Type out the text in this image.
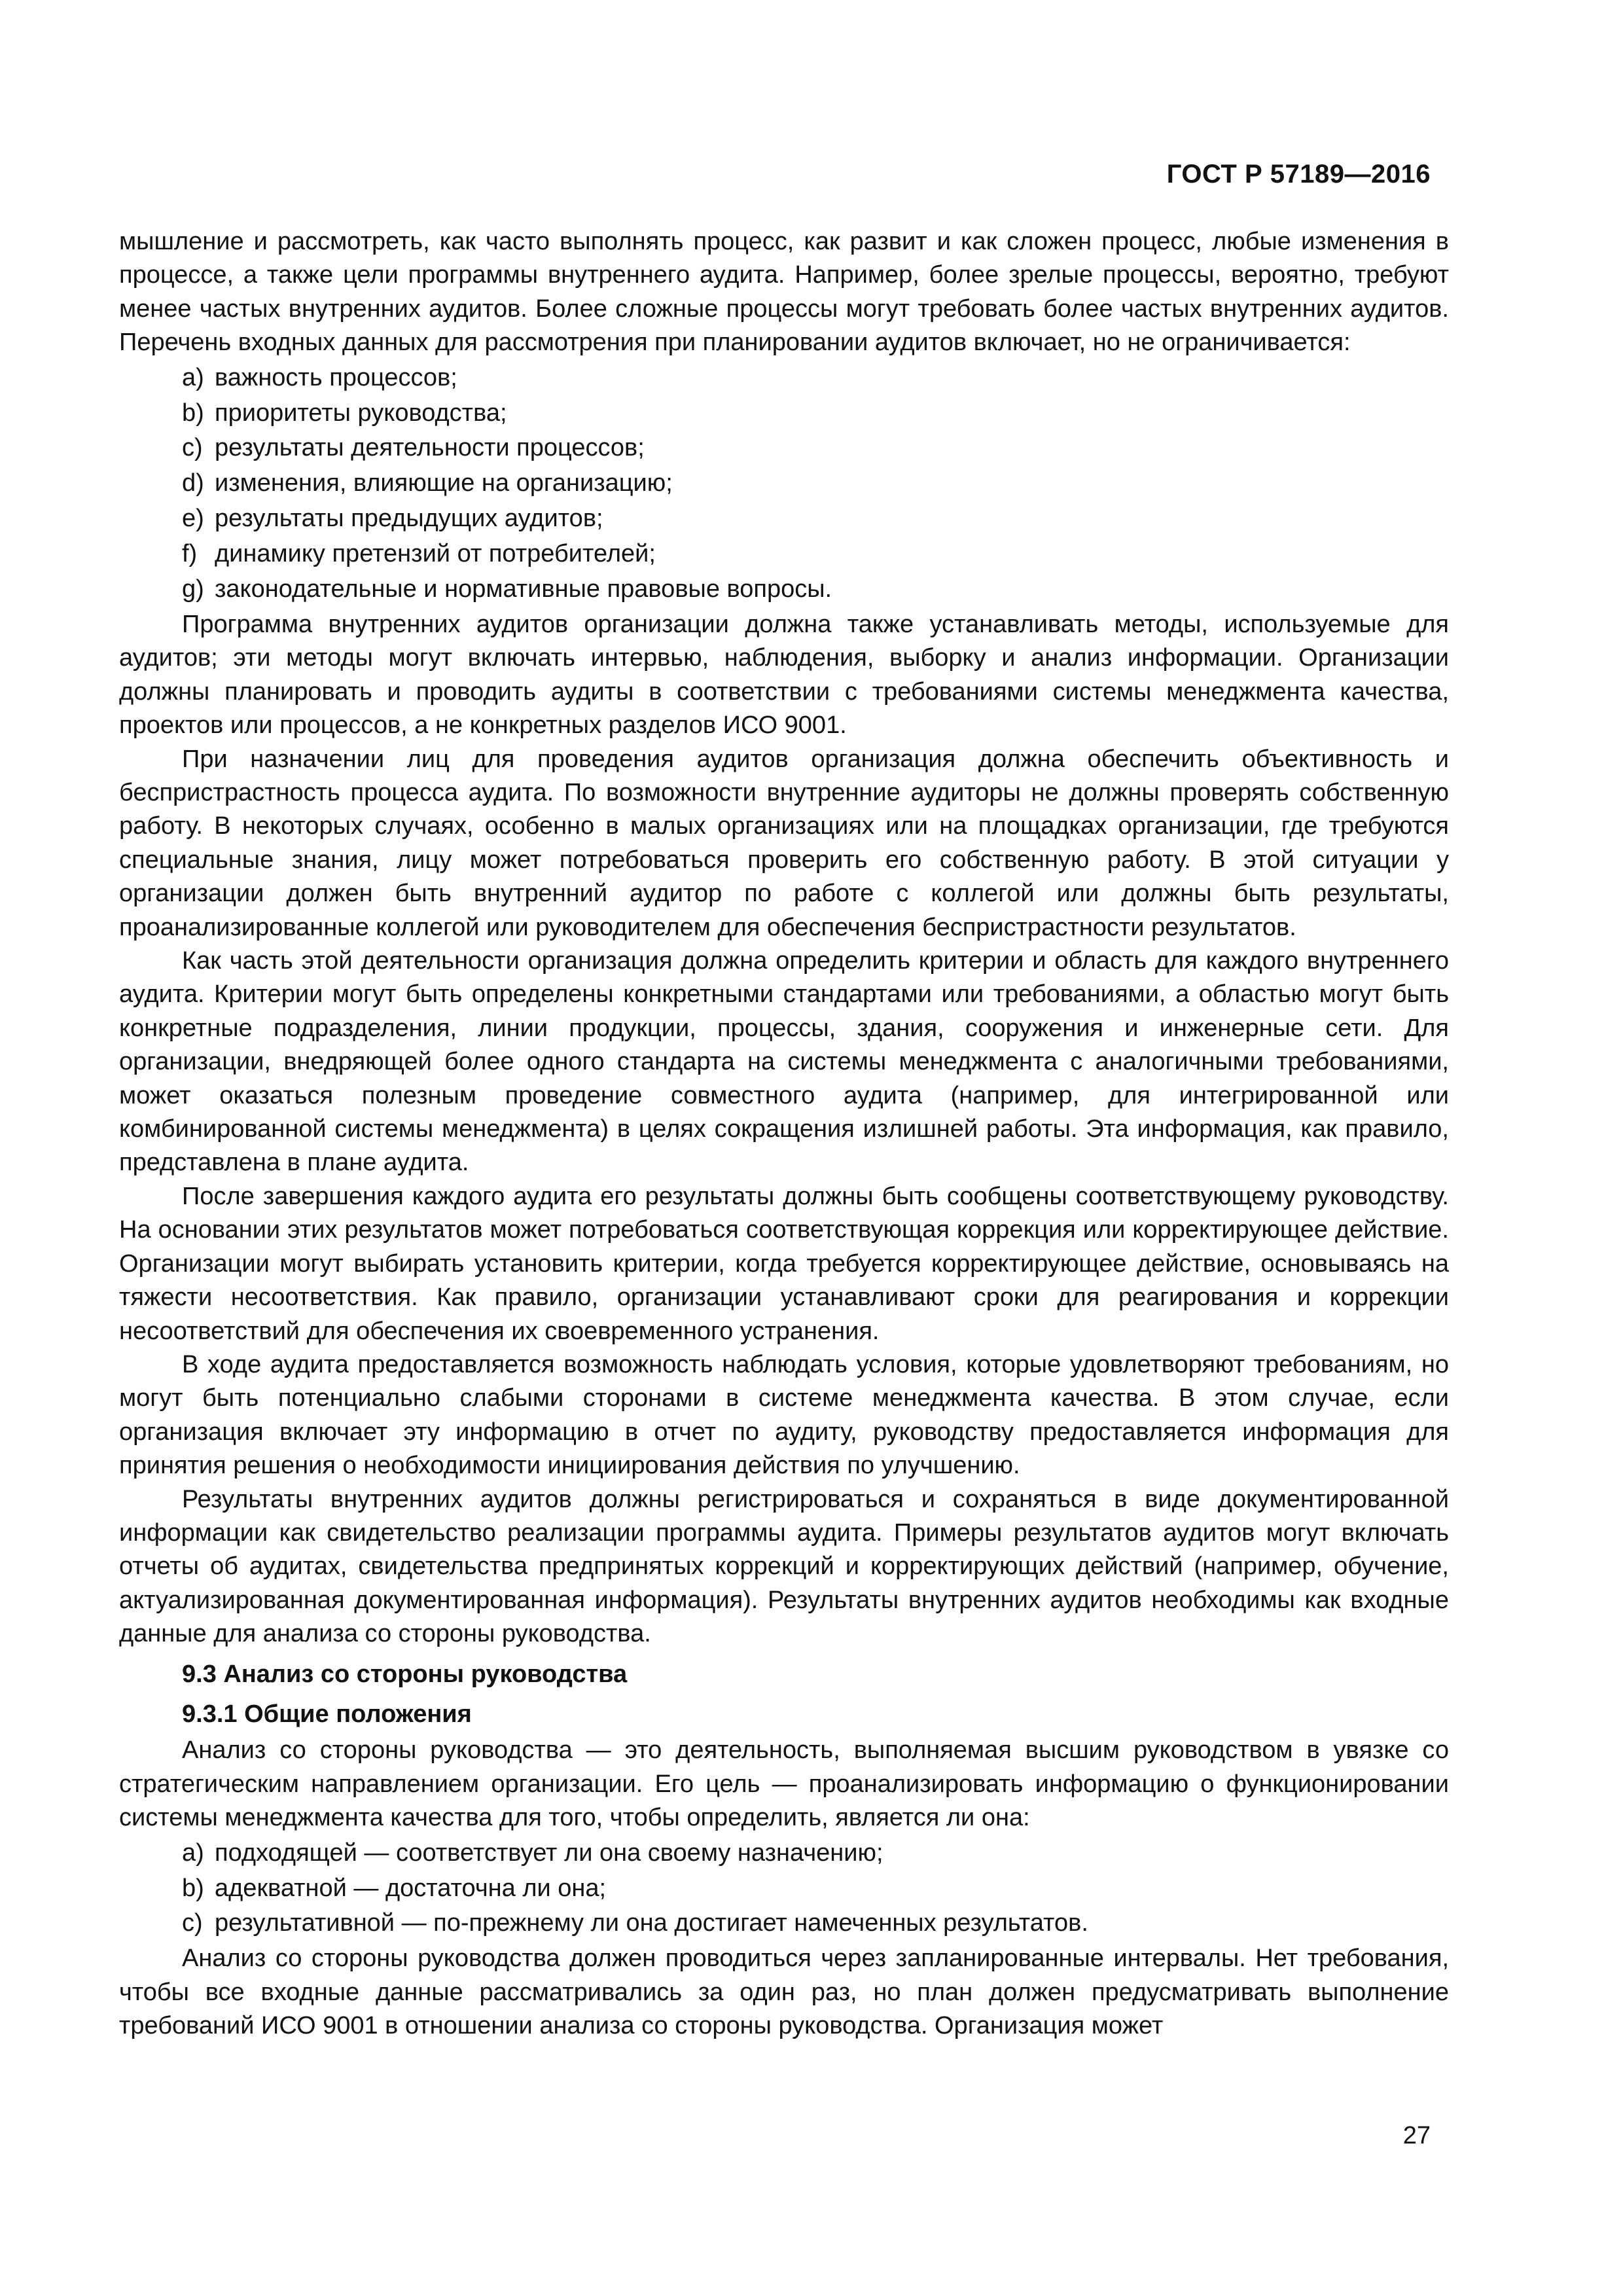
ГОСТ Р 57189—2016

мышление и рассмотреть, как часто выполнять процесс, как развит и как сложен процесс, любые изменения в процессе, а также цели программы внутреннего аудита. Например, более зрелые процессы, вероятно, требуют менее частых внутренних аудитов. Более сложные процессы могут требовать более частых внутренних аудитов. Перечень входных данных для рассмотрения при планировании аудитов включает, но не ограничивается:

a) важность процессов;
b) приоритеты руководства;
c) результаты деятельности процессов;
d) изменения, влияющие на организацию;
e) результаты предыдущих аудитов;
f) динамику претензий от потребителей;
g) законодательные и нормативные правовые вопросы.

Программа внутренних аудитов организации должна также устанавливать методы, используемые для аудитов; эти методы могут включать интервью, наблюдения, выборку и анализ информации. Организации должны планировать и проводить аудиты в соответствии с требованиями системы менеджмента качества, проектов или процессов, а не конкретных разделов ИСО 9001.

При назначении лиц для проведения аудитов организация должна обеспечить объективность и беспристрастность процесса аудита. По возможности внутренние аудиторы не должны проверять собственную работу. В некоторых случаях, особенно в малых организациях или на площадках организации, где требуются специальные знания, лицу может потребоваться проверить его собственную работу. В этой ситуации у организации должен быть внутренний аудитор по работе с коллегой или должны быть результаты, проанализированные коллегой или руководителем для обеспечения беспристрастности результатов.

Как часть этой деятельности организация должна определить критерии и область для каждого внутреннего аудита. Критерии могут быть определены конкретными стандартами или требованиями, а областью могут быть конкретные подразделения, линии продукции, процессы, здания, сооружения и инженерные сети. Для организации, внедряющей более одного стандарта на системы менеджмента с аналогичными требованиями, может оказаться полезным проведение совместного аудита (например, для интегрированной или комбинированной системы менеджмента) в целях сокращения излишней работы. Эта информация, как правило, представлена в плане аудита.

После завершения каждого аудита его результаты должны быть сообщены соответствующему руководству. На основании этих результатов может потребоваться соответствующая коррекция или корректирующее действие. Организации могут выбирать установить критерии, когда требуется корректирующее действие, основываясь на тяжести несоответствия. Как правило, организации устанавливают сроки для реагирования и коррекции несоответствий для обеспечения их своевременного устранения.

В ходе аудита предоставляется возможность наблюдать условия, которые удовлетворяют требованиям, но могут быть потенциально слабыми сторонами в системе менеджмента качества. В этом случае, если организация включает эту информацию в отчет по аудиту, руководству предоставляется информация для принятия решения о необходимости инициирования действия по улучшению.

Результаты внутренних аудитов должны регистрироваться и сохраняться в виде документированной информации как свидетельство реализации программы аудита. Примеры результатов аудитов могут включать отчеты об аудитах, свидетельства предпринятых коррекций и корректирующих действий (например, обучение, актуализированная документированная информация). Результаты внутренних аудитов необходимы как входные данные для анализа со стороны руководства.

9.3 Анализ со стороны руководства
9.3.1 Общие положения

Анализ со стороны руководства — это деятельность, выполняемая высшим руководством в увязке со стратегическим направлением организации. Его цель — проанализировать информацию о функционировании системы менеджмента качества для того, чтобы определить, является ли она:

a) подходящей — соответствует ли она своему назначению;
b) адекватной — достаточна ли она;
c) результативной — по-прежнему ли она достигает намеченных результатов.

Анализ со стороны руководства должен проводиться через запланированные интервалы. Нет требования, чтобы все входные данные рассматривались за один раз, но план должен предусматривать выполнение требований ИСО 9001 в отношении анализа со стороны руководства. Организация может

27
